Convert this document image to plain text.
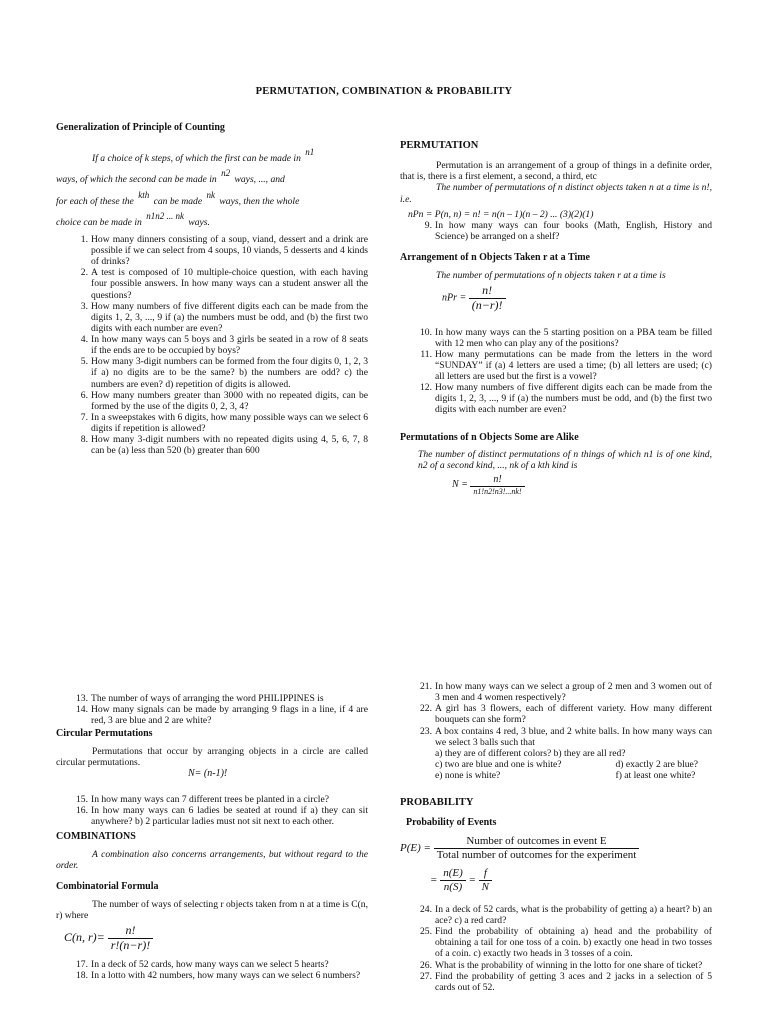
PERMUTATION, COMBINATION & PROBABILITY
Generalization of Principle of Counting

If a choice of k steps, of which the first can be made in n1
ways, of which the second can be made in n2 ways, ..., and
for each of these the kth can be made nk ways, then the whole
choice can be made in n1n2 ... nk ways.

1. How many dinners consisting of a soup, viand, dessert and a drink are possible if we can select from 4 soups, 10 viands, 5 desserts and 4 kinds of drinks?
2. A test is composed of 10 multiple-choice question, with each having four possible answers. In how many ways can a student answer all the questions?
3. How many numbers of five different digits each can be made from the digits 1, 2, 3, ..., 9 if (a) the numbers must be odd, and (b) the first two digits with each number are even?
4. In how many ways can 5 boys and 3 girls be seated in a row of 8 seats if the ends are to be occupied by boys?
5. How many 3-digit numbers can be formed from the four digits 0, 1, 2, 3 if a) no digits are to be the same? b) the numbers are odd? c) the numbers are even? d) repetition of digits is allowed.
6. How many numbers greater than 3000 with no repeated digits, can be formed by the use of the digits 0, 2, 3, 4?
7. In a sweepstakes with 6 digits, how many possible ways can we select 6 digits if repetition is allowed?
8. How many 3-digit numbers with no repeated digits using 4, 5, 6, 7, 8 can be (a) less than 520 (b) greater than 600
PERMUTATION

Permutation is an arrangement of a group of things in a definite order, that is, there is a first element, a second, a third, etc

The number of permutations of n distinct objects taken n at a time is n!, i.e.

nPn = P(n, n) = n! = n(n – 1)(n – 2) ... (3)(2)(1)

9. In how many ways can four books (Math, English, History and Science) be arranged on a shelf?
Arrangement of n Objects Taken r at a Time

The number of permutations of n objects taken r at a time is

nPr = $\frac{n!}{(n-r)!}$
10. In how many ways can the 5 starting position on a PBA team be filled with 12 men who can play any of the positions?
11. How many permutations can be made from the letters in the word “SUNDAY” if (a) 4 letters are used a time; (b) all letters are used; (c) all letters are used but the first is a vowel?
12. How many numbers of five different digits each can be made from the digits 1, 2, 3, ..., 9 if (a) the numbers must be odd, and (b) the first two digits with each number are even?
Permutations of n Objects Some are Alike

The number of distinct permutations of n things of which n1 is of one kind, n2 of a second kind, ..., nk of a kth kind is

$N = \frac{n!}{n1!n2!n3!...nk!}$
13. The number of ways of arranging the word PHILIPPINES is
14. How many signals can be made by arranging 9 flags in a line, if 4 are red, 3 are blue and 2 are white?
Circular Permutations

Permutations that occur by arranging objects in a circle are called circular permutations.

N= (n-1)!
15. In how many ways can 7 different trees be planted in a circle?
16. In how many ways can 6 ladies be seated at round if a) they can sit anywhere? b) 2 particular ladies must not sit next to each other.
COMBINATIONS

A combination also concerns arrangements, but without regard to the order.

Combinatorial Formula

The number of ways of selecting r objects taken from n at a time is C(n, r) where

C(n, $r)= \frac{n!}{r!(n-r)!}$
17. In a deck of 52 cards, how many ways can we select 5 hearts?
18. In a lotto with 42 numbers, how many ways can we select 6 numbers?
21. In how many ways can we select a group of 2 men and 3 women out of 3 men and 4 women respectively?
22. A girl has 3 flowers, each of different variety. How many different bouquets can she form?
23. A box contains 4 red, 3 blue, and 2 white balls. In how many ways can we select 3 balls such that
a) they are of different colors? b) they are all red?
c) two are blue and one is white?	d) exactly 2 are blue?
e) none is white?	f) at least one white?
PROBABILITY
Probability of Events
$P(E) = \frac{\text{Number of outcomes in event E}}{\text{Total number of outcomes for the experiment}}$
= $\frac{n(E)}{n(S)} = \frac{f}{N}$
24. In a deck of 52 cards, what is the probability of getting a) a heart? b) an ace? c) a red card?
25. Find the probability of obtaining a) head and the probability of obtaining a tail for one toss of a coin. b) exactly one head in two tosses of a coin. c) exactly two heads in 3 tosses of a coin.
26. What is the probability of winning in the lotto for one share of ticket?
27. Find the probability of getting 3 aces and 2 jacks in a selection of 5 cards out of 52.
